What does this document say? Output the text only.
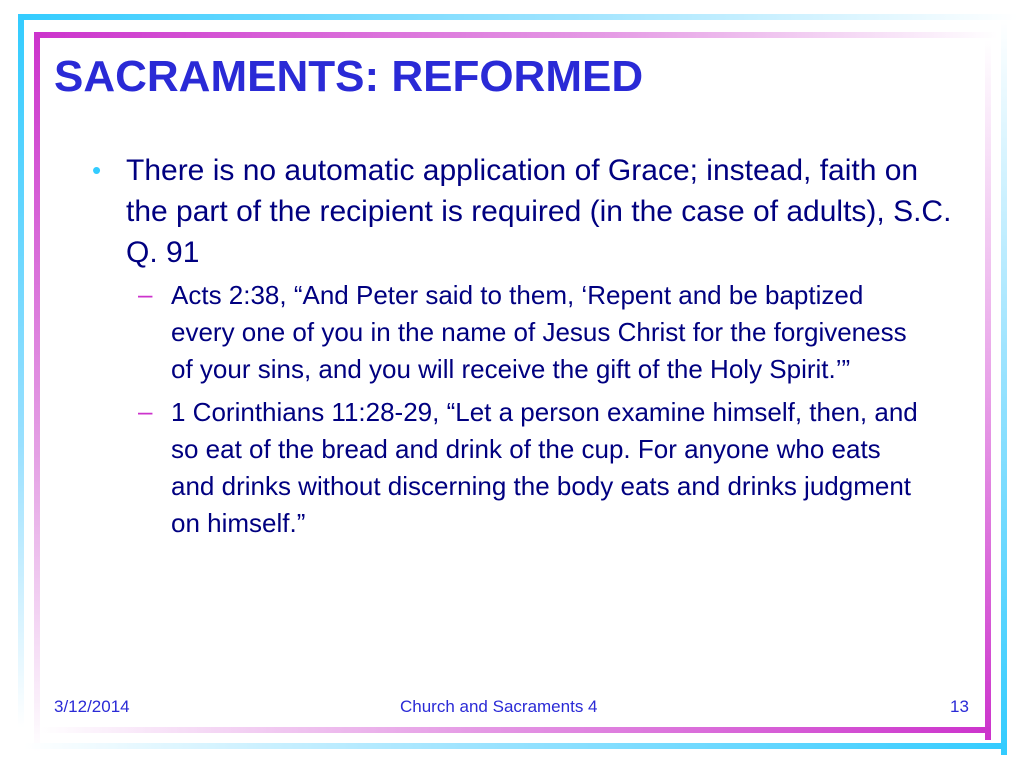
SACRAMENTS: REFORMED
• There is no automatic application of Grace; instead, faith on the part of the recipient is required (in the case of adults), S.C. Q. 91
– Acts 2:38, “And Peter said to them, ‘Repent and be baptized every one of you in the name of Jesus Christ for the forgiveness of your sins, and you will receive the gift of the Holy Spirit.’”
– 1 Corinthians 11:28-29, “Let a person examine himself, then, and so eat of the bread and drink of the cup. For anyone who eats and drinks without discerning the body eats and drinks judgment on himself.”
3/12/2014	Church and Sacraments 4	13
